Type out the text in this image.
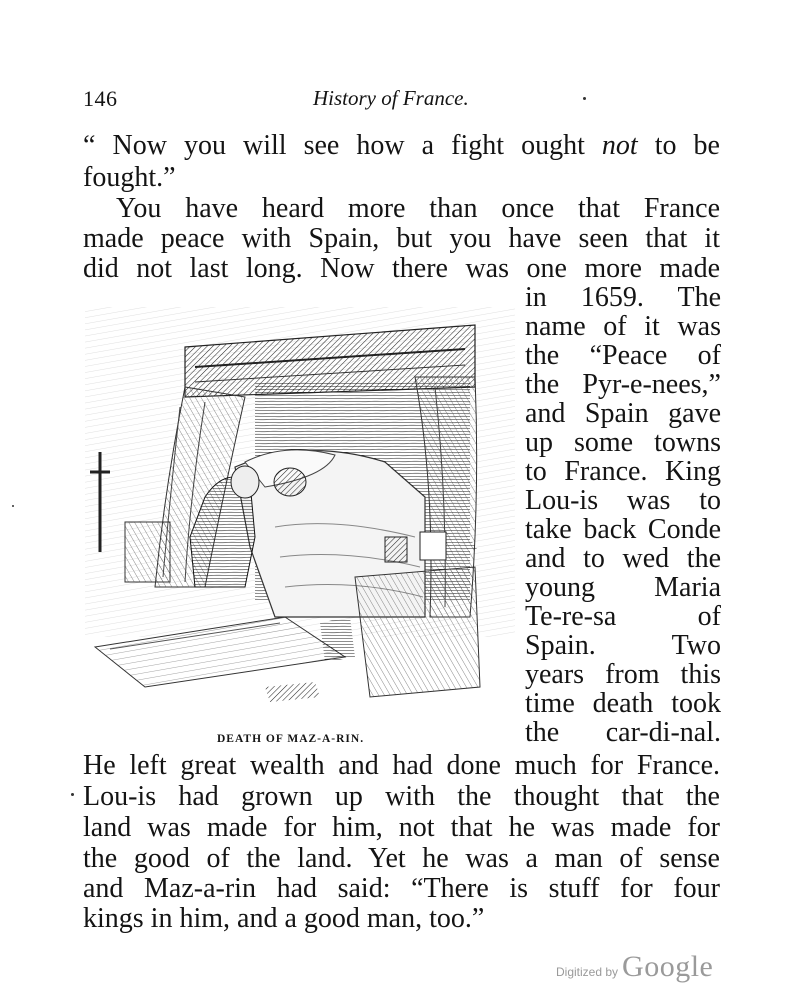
146	History of France.
“ Now you will see how a fight ought not to be
fought.”
You have heard more than once that France
made peace with Spain, but you have seen that it
did not last long. Now there was one more made
in 1659. The
name of it was
the “Peace of
the Pyr-e-nees,”
and Spain gave
up some towns
to France. King
Lou-is was to
take back Conde
and to wed the
young Maria
Te-re-sa of
Spain. Two
years from this
time death took
the car-di-nal.
DEATH OF MAZ-A-RIN.
He left great wealth and had done much for France.
Lou-is had grown up with the thought that the
land was made for him, not that he was made for
the good of the land. Yet he was a man of sense
and Maz-a-rin had said: “There is stuff for four
kings in him, and a good man, too.”
Digitized by Google
